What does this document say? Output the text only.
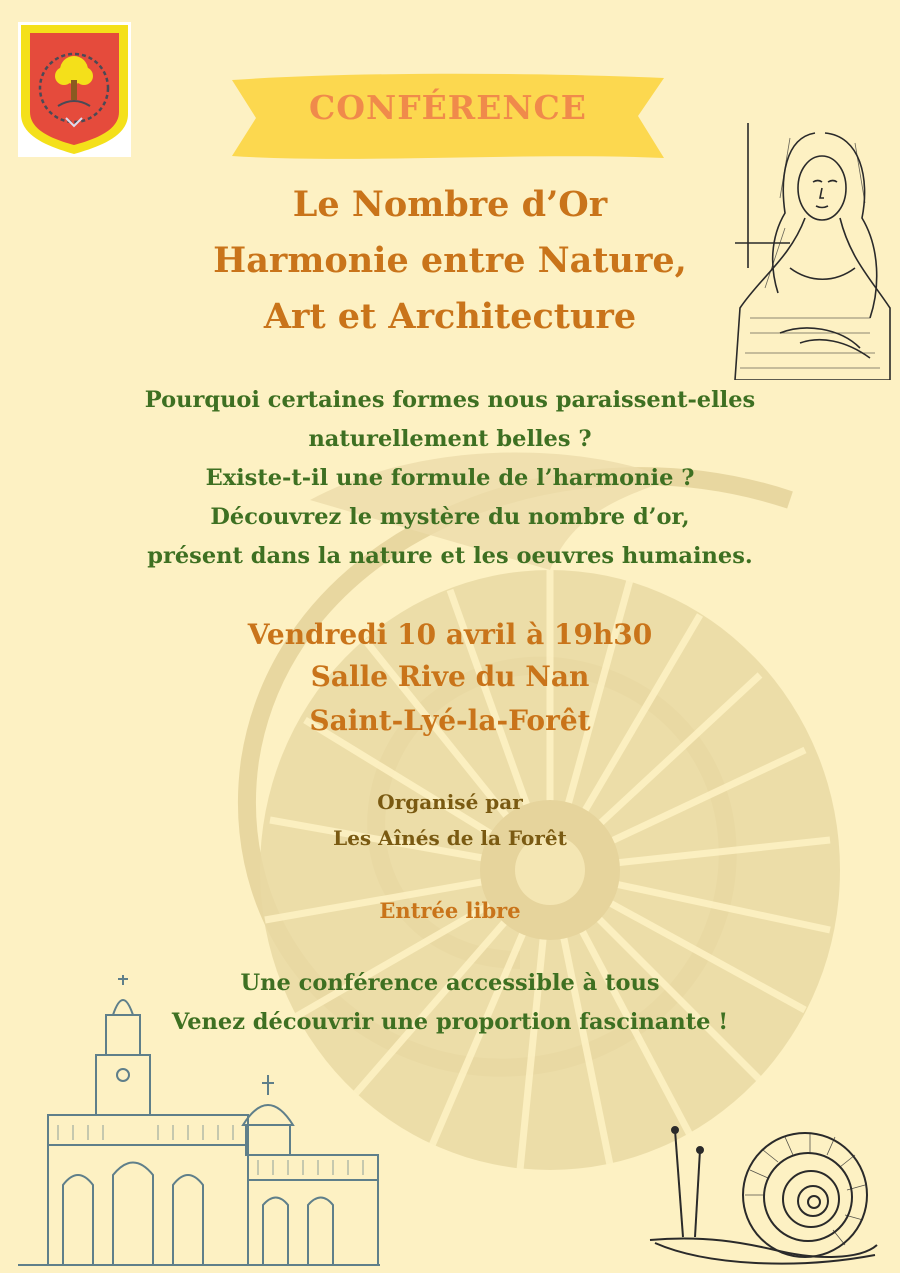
CONFÉRENCE
Le Nombre d’Or
Harmonie entre Nature,
Art et Architecture
Pourquoi certaines formes nous paraissent-elles
naturellement belles ?
Existe-t-il une formule de l’harmonie ?
Découvrez le mystère du nombre d’or,
présent dans la nature et les oeuvres humaines.
Vendredi 10 avril à 19h30
Salle Rive du Nan
Saint-Lyé-la-Forêt
Organisé par
Les Aînés de la Forêt
Entrée libre
Une conférence accessible à tous
Venez découvrir une proportion fascinante !
